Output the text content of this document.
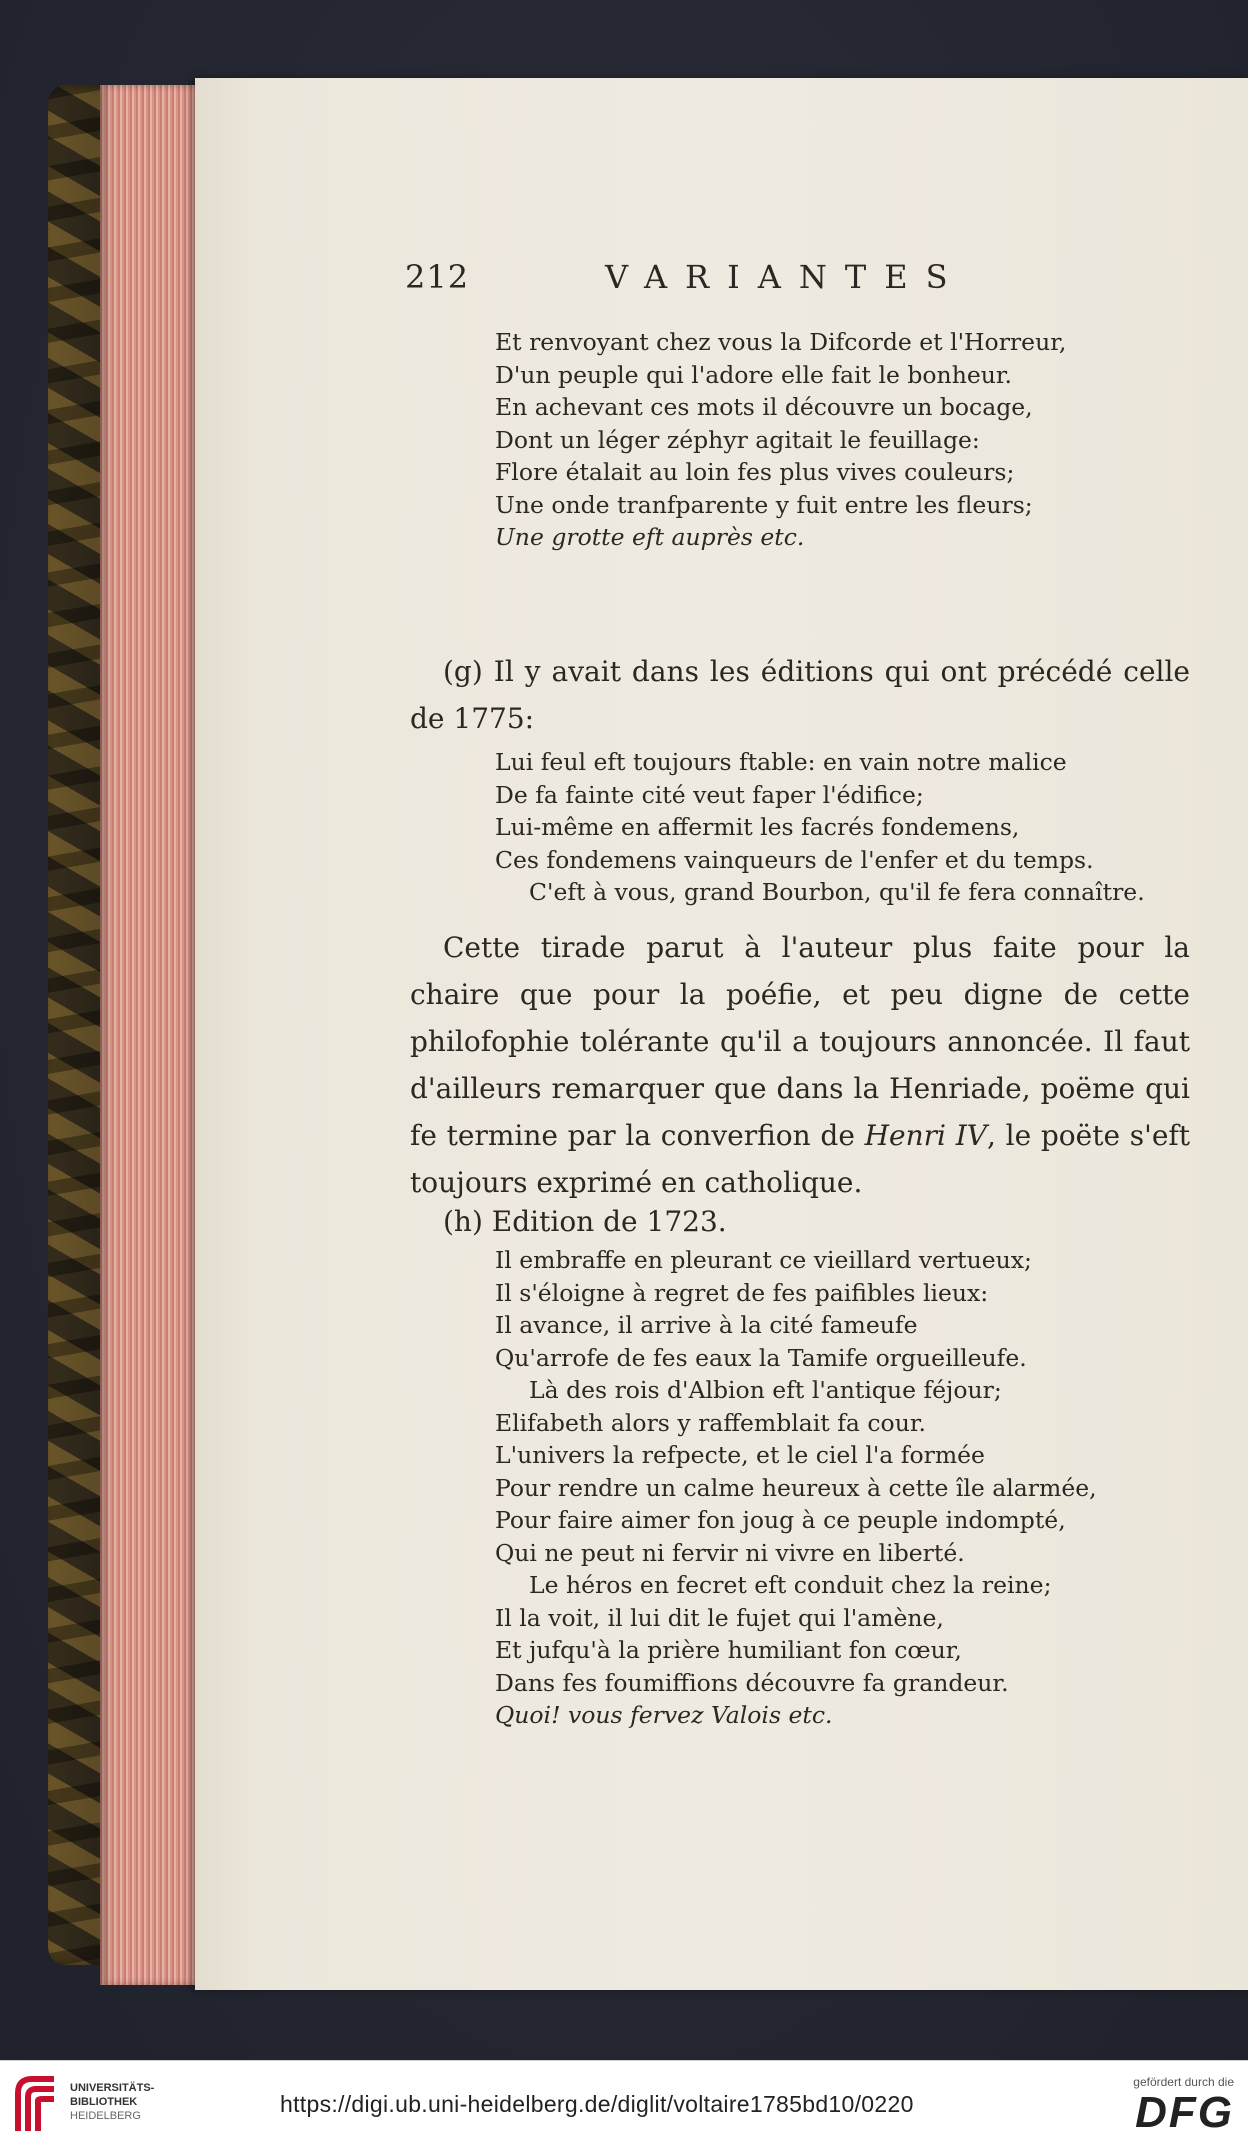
212	VARIANTES
Et renvoyant chez vous la Difcorde et l'Horreur,
D'un peuple qui l'adore elle fait le bonheur.
En achevant ces mots il découvre un bocage,
Dont un léger zéphyr agitait le feuillage:
Flore étalait au loin fes plus vives couleurs;
Une onde tranfparente y fuit entre les fleurs;
Une grotte eft auprès etc.

(g) Il y avait dans les éditions qui ont précédé celle de 1775:

Lui feul eft toujours ftable: en vain notre malice
De fa fainte cité veut faper l'édifice;
Lui-même en affermit les facrés fondemens,
Ces fondemens vainqueurs de l'enfer et du temps.
C'eft à vous, grand Bourbon, qu'il fe fera connaître.

Cette tirade parut à l'auteur plus faite pour la chaire que pour la poéfie, et peu digne de cette philofophie tolérante qu'il a toujours annoncée. Il faut d'ailleurs remarquer que dans la Henriade, poëme qui fe termine par la converfion de Henri IV, le poëte s'eft toujours exprimé en catholique.

(h) Edition de 1723.

Il embraffe en pleurant ce vieillard vertueux;
Il s'éloigne à regret de fes paifibles lieux:
Il avance, il arrive à la cité fameufe
Qu'arrofe de fes eaux la Tamife orgueilleufe.
Là des rois d'Albion eft l'antique féjour;
Elifabeth alors y raffemblait fa cour.
L'univers la refpecte, et le ciel l'a formée
Pour rendre un calme heureux à cette île alarmée,
Pour faire aimer fon joug à ce peuple indompté,
Qui ne peut ni fervir ni vivre en liberté.
Le héros en fecret eft conduit chez la reine;
Il la voit, il lui dit le fujet qui l'amène,
Et jufqu'à la prière humiliant fon cœur,
Dans fes foumiffions découvre fa grandeur.
Quoi! vous fervez Valois etc.
UNIVERSITÄTS-
BIBLIOTHEK
HEIDELBERG	https://digi.ub.uni-heidelberg.de/diglit/voltaire1785bd10/0220
gefördert durch die
DFG
